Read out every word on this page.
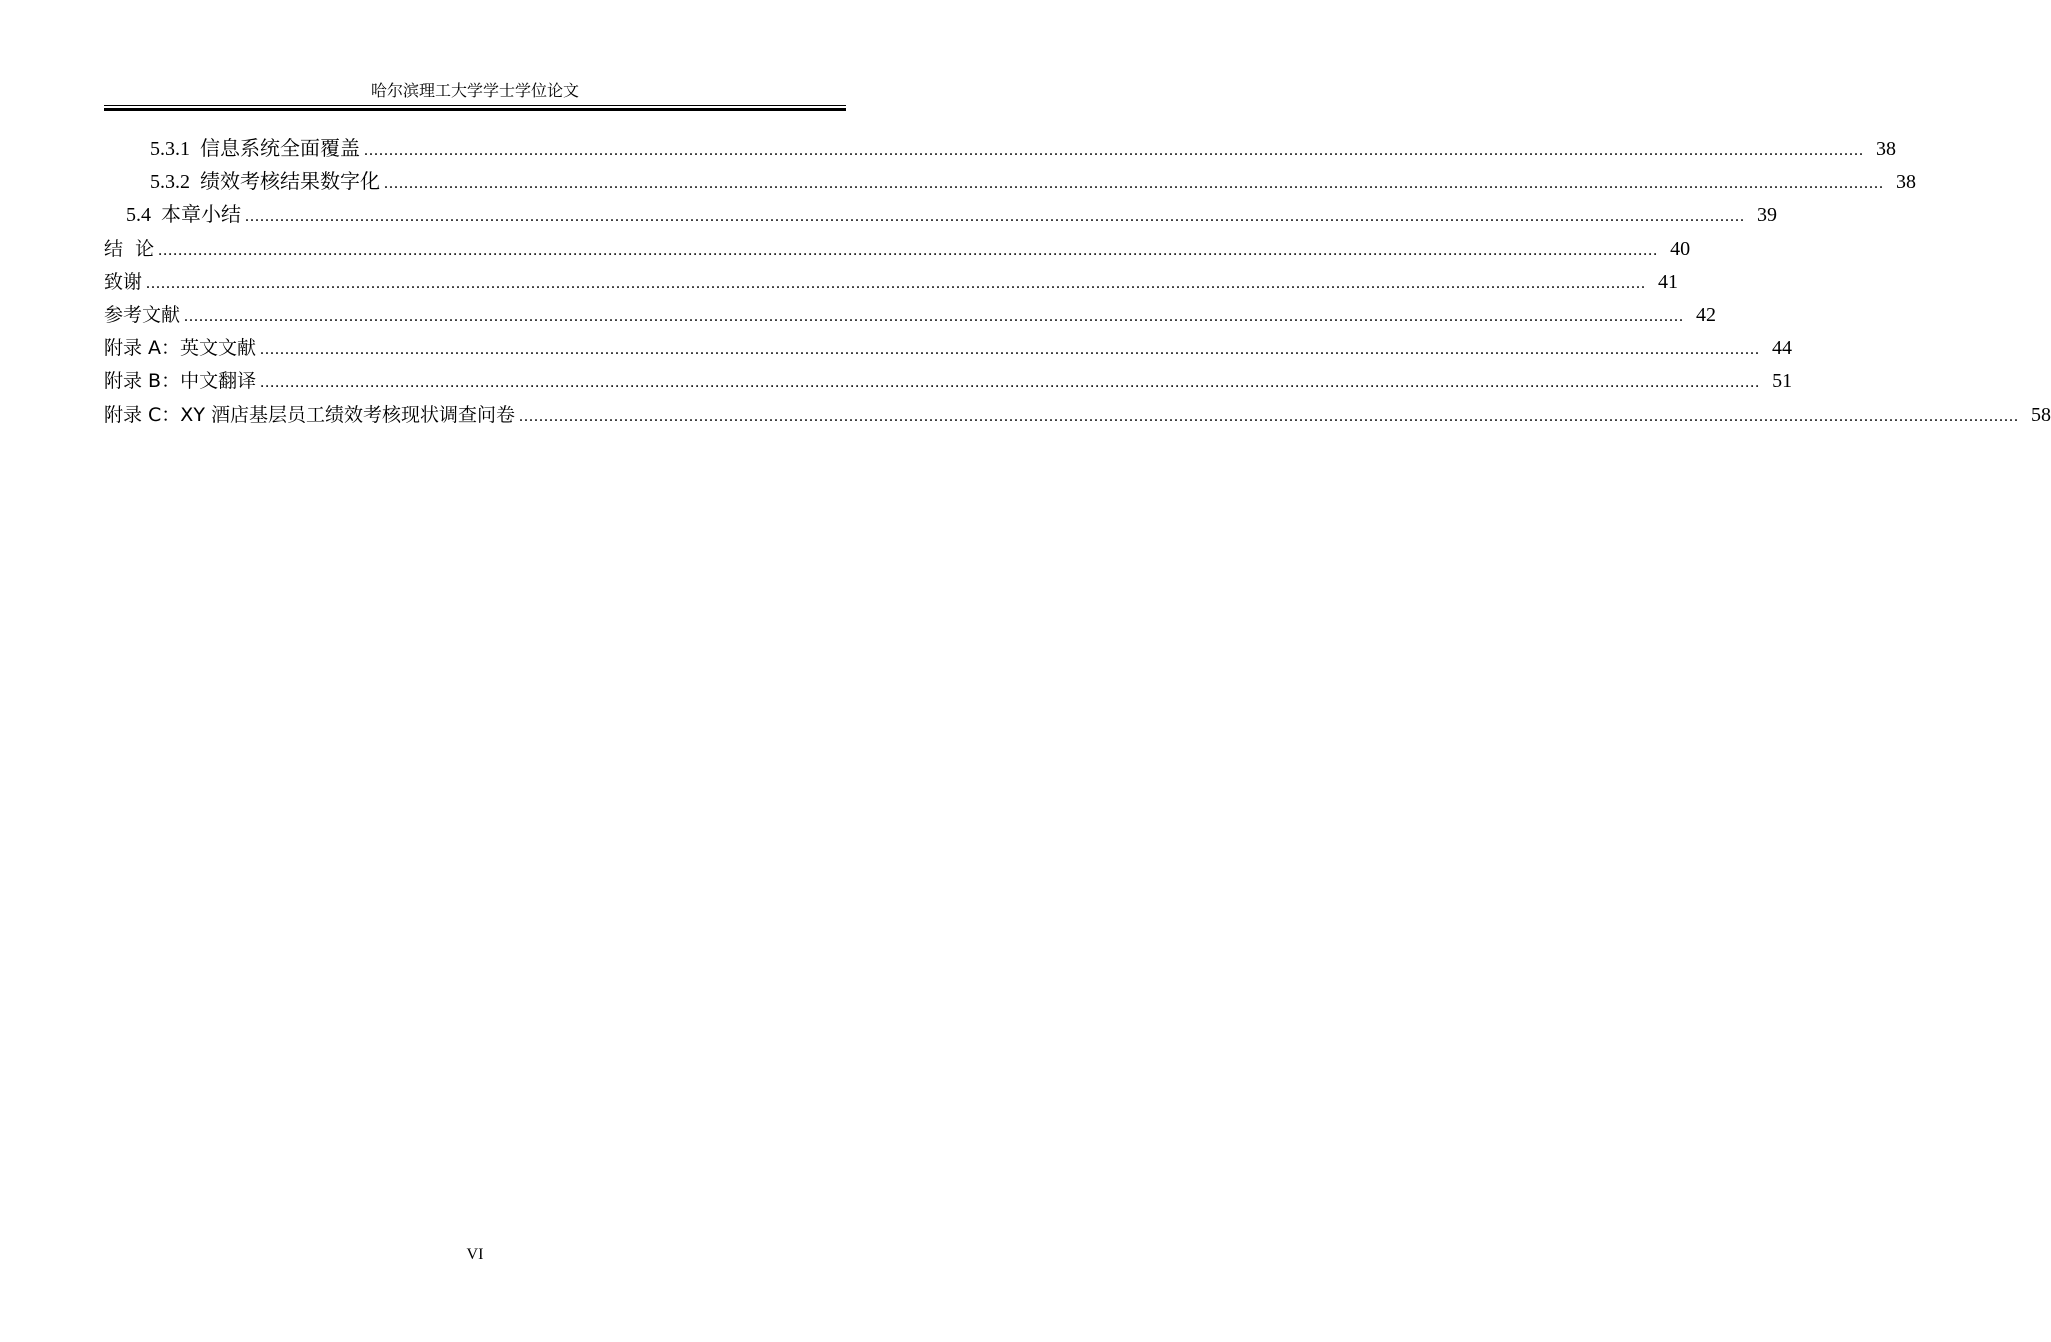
哈尔滨理工大学学士学位论文
5.3.1 信息系统全面覆盖 ............................................................................................................................................................................................................................................................................................................ 38
5.3.2 绩效考核结果数字化 ............................................................................................................................................................................................................................................................................................................ 38
5.4 本章小结 ............................................................................................................................................................................................................................................................................................................ 39
结  论 ............................................................................................................................................................................................................................................................................................................ 40
致谢 ............................................................................................................................................................................................................................................................................................................ 41
参考文献 ............................................................................................................................................................................................................................................................................................................ 42
附录 A：英文文献 ............................................................................................................................................................................................................................................................................................................ 44
附录 B：中文翻译 ............................................................................................................................................................................................................................................................................................................ 51
附录 C：XY 酒店基层员工绩效考核现状调查问卷 ............................................................................................................................................................................................................................................................................................................ 58
VI
